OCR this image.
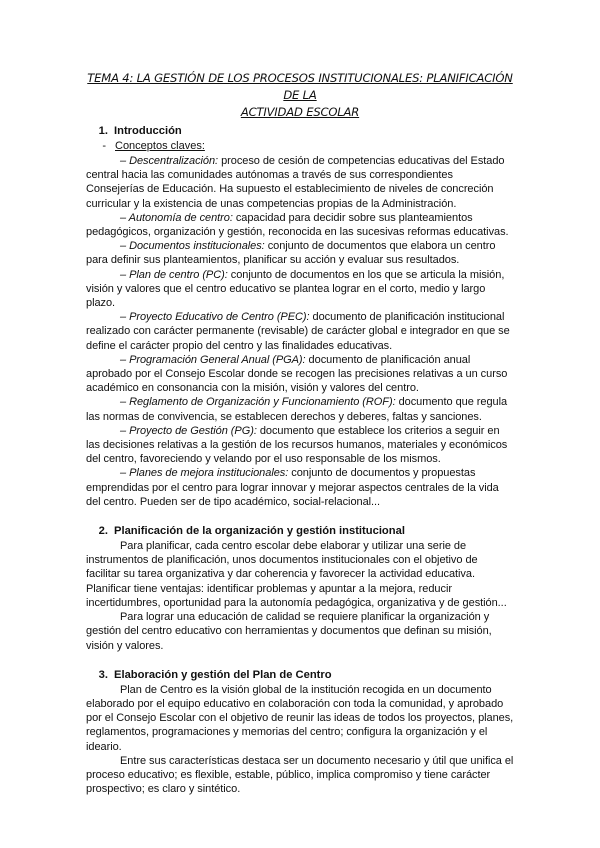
TEMA 4: LA GESTIÓN DE LOS PROCESOS INSTITUCIONALES: PLANIFICACIÓN DE LA
ACTIVIDAD ESCOLAR
1. Introducción
- Conceptos claves:

– Descentralización: proceso de cesión de competencias educativas del Estado central hacia las comunidades autónomas a través de sus correspondientes Consejerías de Educación. Ha supuesto el establecimiento de niveles de concreción curricular y la existencia de unas competencias propias de la Administración.

– Autonomía de centro: capacidad para decidir sobre sus planteamientos pedagógicos, organización y gestión, reconocida en las sucesivas reformas educativas.

– Documentos institucionales: conjunto de documentos que elabora un centro para definir sus planteamientos, planificar su acción y evaluar sus resultados.

– Plan de centro (PC): conjunto de documentos en los que se articula la misión, visión y valores que el centro educativo se plantea lograr en el corto, medio y largo plazo.

– Proyecto Educativo de Centro (PEC): documento de planificación institucional realizado con carácter permanente (revisable) de carácter global e integrador en que se define el carácter propio del centro y las finalidades educativas.

– Programación General Anual (PGA): documento de planificación anual aprobado por el Consejo Escolar donde se recogen las precisiones relativas a un curso académico en consonancia con la misión, visión y valores del centro.

– Reglamento de Organización y Funcionamiento (ROF): documento que regula las normas de convivencia, se establecen derechos y deberes, faltas y sanciones.

– Proyecto de Gestión (PG): documento que establece los criterios a seguir en las decisiones relativas a la gestión de los recursos humanos, materiales y económicos del centro, favoreciendo y velando por el uso responsable de los mismos.

– Planes de mejora institucionales: conjunto de documentos y propuestas emprendidas por el centro para lograr innovar y mejorar aspectos centrales de la vida del centro. Pueden ser de tipo académico, social-relacional...

2. Planificación de la organización y gestión institucional

Para planificar, cada centro escolar debe elaborar y utilizar una serie de instrumentos de planificación, unos documentos institucionales con el objetivo de facilitar su tarea organizativa y dar coherencia y favorecer la actividad educativa. Planificar tiene ventajas: identificar problemas y apuntar a la mejora, reducir incertidumbres, oportunidad para la autonomía pedagógica, organizativa y de gestión...

Para lograr una educación de calidad se requiere planificar la organización y gestión del centro educativo con herramientas y documentos que definan su misión, visión y valores.

3. Elaboración y gestión del Plan de Centro

Plan de Centro es la visión global de la institución recogida en un documento elaborado por el equipo educativo en colaboración con toda la comunidad, y aprobado por el Consejo Escolar con el objetivo de reunir las ideas de todos los proyectos, planes, reglamentos, programaciones y memorias del centro; configura la organización y el ideario.

Entre sus características destaca ser un documento necesario y útil que unifica el proceso educativo; es flexible, estable, público, implica compromiso y tiene carácter prospectivo; es claro y sintético.
